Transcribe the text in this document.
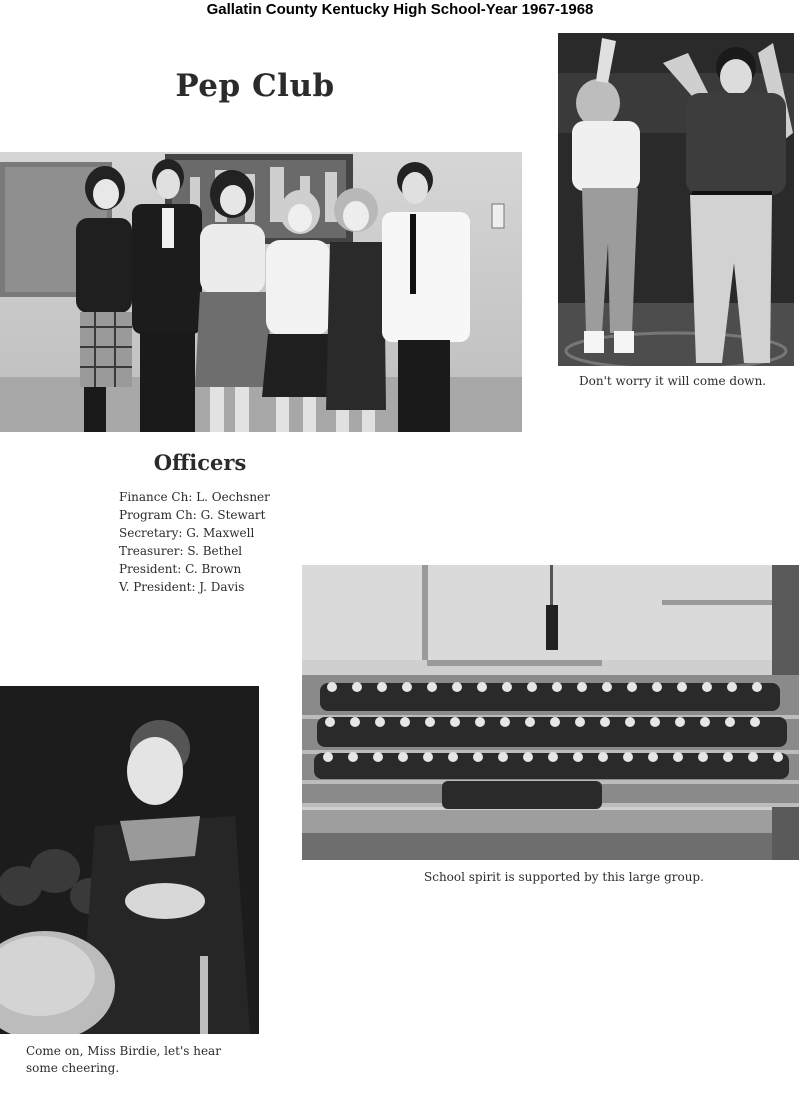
Gallatin County Kentucky High School-Year 1967-1968
Pep Club
Don't worry it will come down.
Officers
Finance Ch: L. Oechsner
Program Ch: G. Stewart
Secretary: G. Maxwell
Treasurer: S. Bethel
President: C. Brown
V. President: J. Davis
School spirit is supported by this large group.
Come on, Miss Birdie, let's hear
some cheering.
